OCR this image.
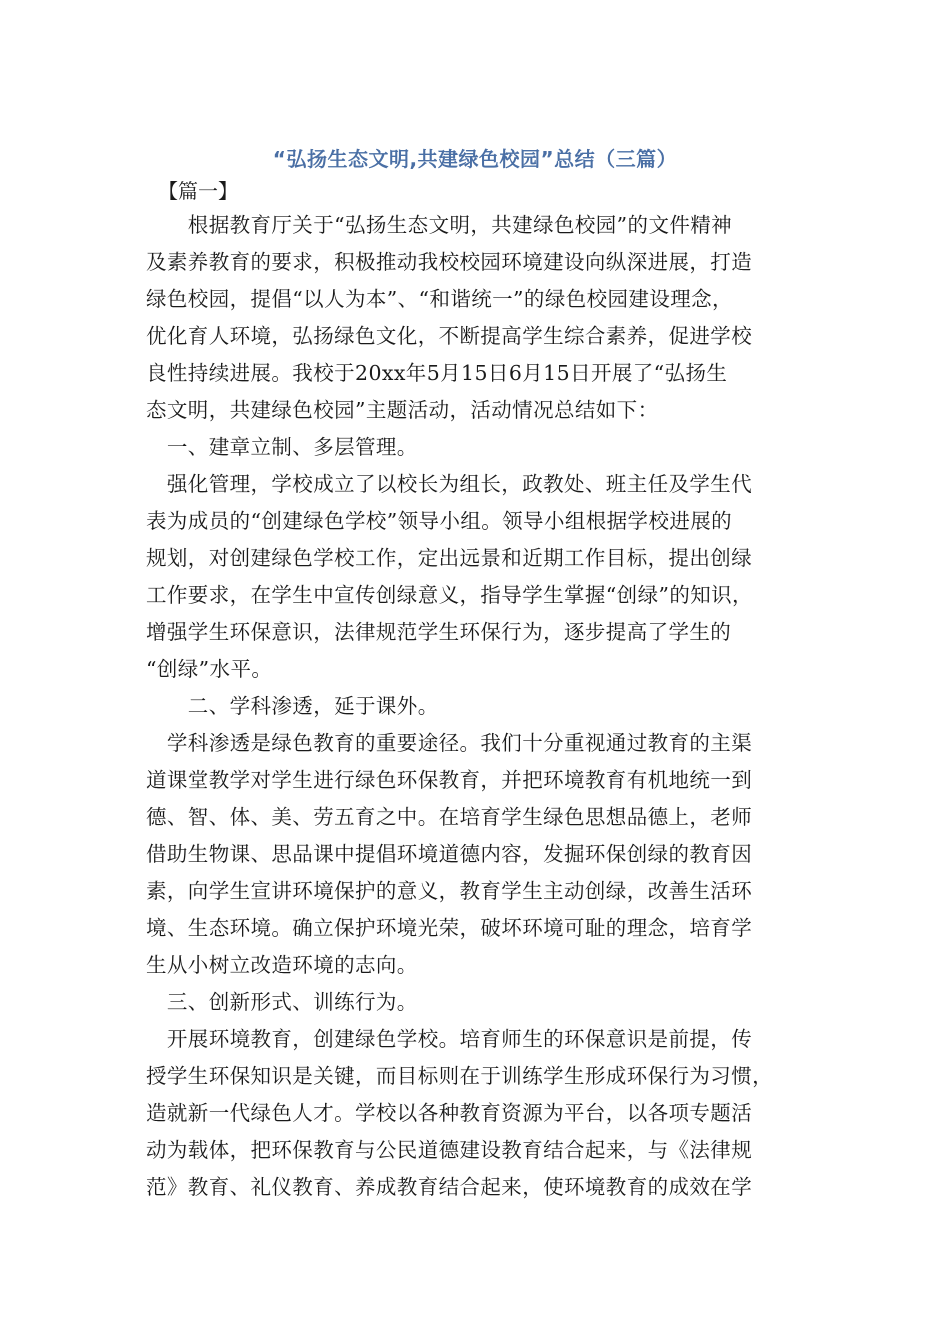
“弘扬生态文明,共建绿色校园”总结（三篇）
【篇一】
　　根据教育厅关于“弘扬生态文明，共建绿色校园”的文件精神
及素养教育的要求，积极推动我校校园环境建设向纵深进展，打造
绿色校园，提倡“以人为本”、“和谐统一”的绿色校园建设理念，
优化育人环境，弘扬绿色文化，不断提高学生综合素养，促进学校
良性持续进展。我校于20xx年5月15日6月15日开展了“弘扬生
态文明，共建绿色校园”主题活动，活动情况总结如下：
　一、建章立制、多层管理。
　强化管理，学校成立了以校长为组长，政教处、班主任及学生代
表为成员的“创建绿色学校”领导小组。领导小组根据学校进展的
规划，对创建绿色学校工作，定出远景和近期工作目标，提出创绿
工作要求，在学生中宣传创绿意义，指导学生掌握“创绿”的知识，
增强学生环保意识，法律规范学生环保行为，逐步提高了学生的
“创绿”水平。
　　二、学科渗透，延于课外。
　学科渗透是绿色教育的重要途径。我们十分重视通过教育的主渠
道课堂教学对学生进行绿色环保教育，并把环境教育有机地统一到
德、智、体、美、劳五育之中。在培育学生绿色思想品德上，老师
借助生物课、思品课中提倡环境道德内容，发掘环保创绿的教育因
素，向学生宣讲环境保护的意义，教育学生主动创绿，改善生活环
境、生态环境。确立保护环境光荣，破坏环境可耻的理念，培育学
生从小树立改造环境的志向。
　三、创新形式、训练行为。
　开展环境教育，创建绿色学校。培育师生的环保意识是前提，传
授学生环保知识是关键，而目标则在于训练学生形成环保行为习惯，
造就新一代绿色人才。学校以各种教育资源为平台，以各项专题活
动为载体，把环保教育与公民道德建设教育结合起来，与《法律规
范》教育、礼仪教育、养成教育结合起来，使环境教育的成效在学
